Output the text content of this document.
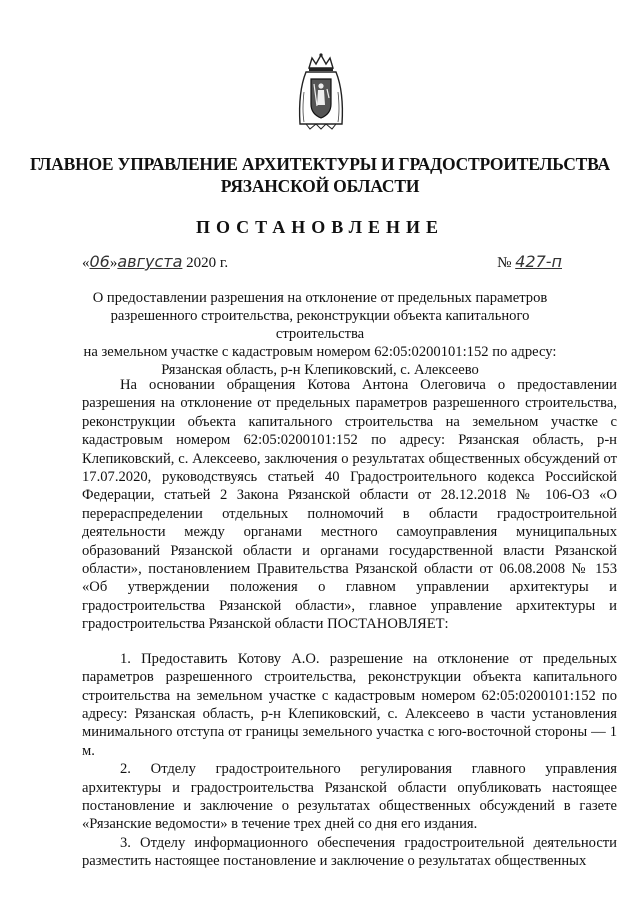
ГЛАВНОЕ УПРАВЛЕНИЕ АРХИТЕКТУРЫ И ГРАДОСТРОИТЕЛЬСТВА
РЯЗАНСКОЙ ОБЛАСТИ
ПОСТАНОВЛЕНИЕ
«06»августа 2020 г.	№ 427-п
О предоставлении разрешения на отклонение от предельных параметров
разрешенного строительства, реконструкции объекта капитального строительства
на земельном участке с кадастровым номером 62:05:0200101:152 по адресу:
Рязанская область, р-н Клепиковский, с. Алексеево

На основании обращения Котова Антона Олеговича о предоставлении разрешения на отклонение от предельных параметров разрешенного строительства, реконструкции объекта капитального строительства на земельном участке с кадастровым номером 62:05:0200101:152 по адресу: Рязанская область, р-н Клепиковский, с. Алексеево, заключения о результатах общественных обсуждений от 17.07.2020, руководствуясь статьей 40 Градостроительного кодекса Российской Федерации, статьей 2 Закона Рязанской области от 28.12.2018 № 106-ОЗ «О перераспределении отдельных полномочий в области градостроительной деятельности между органами местного самоуправления муниципальных образований Рязанской области и органами государственной власти Рязанской области», постановлением Правительства Рязанской области от 06.08.2008 № 153 «Об утверждении положения о главном управлении архитектуры и градостроительства Рязанской области», главное управление архитектуры и градостроительства Рязанской области ПОСТАНОВЛЯЕТ:

1. Предоставить Котову А.О. разрешение на отклонение от предельных параметров разрешенного строительства, реконструкции объекта капитального строительства на земельном участке с кадастровым номером 62:05:0200101:152 по адресу: Рязанская область, р-н Клепиковский, с. Алексеево в части установления минимального отступа от границы земельного участка с юго-восточной стороны — 1 м.

2. Отделу градостроительного регулирования главного управления архитектуры и градостроительства Рязанской области опубликовать настоящее постановление и заключение о результатах общественных обсуждений в газете «Рязанские ведомости» в течение трех дней со дня его издания.

3. Отделу информационного обеспечения градостроительной деятельности разместить настоящее постановление и заключение о результатах общественных
